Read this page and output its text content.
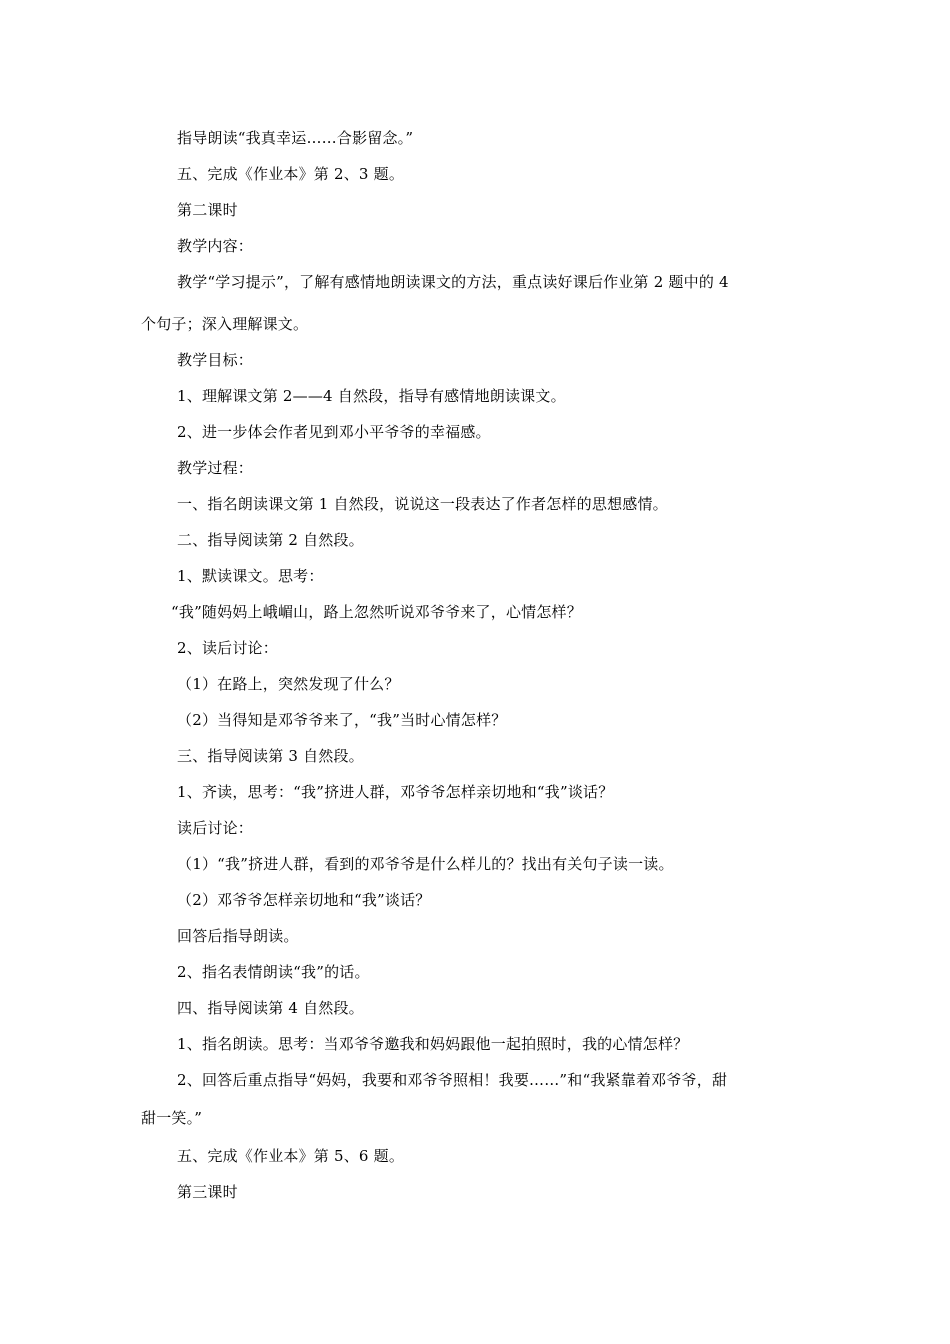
指导朗读“我真幸运……合影留念。”
五、完成《作业本》第 2、3 题。
第二课时
教学内容：
教学“学习提示”，了解有感情地朗读课文的方法，重点读好课后作业第 2 题中的 4
个句子；深入理解课文。
教学目标：
1、理解课文第 2——4 自然段，指导有感情地朗读课文。
2、进一步体会作者见到邓小平爷爷的幸福感。
教学过程：
一、指名朗读课文第 1 自然段，说说这一段表达了作者怎样的思想感情。
二、指导阅读第 2 自然段。
1、默读课文。思考：
“我”随妈妈上峨嵋山，路上忽然听说邓爷爷来了，心情怎样？
2、读后讨论：
（1）在路上，突然发现了什么？
（2）当得知是邓爷爷来了，“我”当时心情怎样？
三、指导阅读第 3 自然段。
1、齐读，思考：“我”挤进人群，邓爷爷怎样亲切地和“我”谈话？
读后讨论：
（1）“我”挤进人群，看到的邓爷爷是什么样儿的？找出有关句子读一读。
（2）邓爷爷怎样亲切地和“我”谈话？
回答后指导朗读。
2、指名表情朗读“我”的话。
四、指导阅读第 4 自然段。
1、指名朗读。思考：当邓爷爷邀我和妈妈跟他一起拍照时，我的心情怎样？
2、回答后重点指导“妈妈，我要和邓爷爷照相！我要……”和“我紧靠着邓爷爷，甜
甜一笑。”
五、完成《作业本》第 5、6 题。
第三课时
